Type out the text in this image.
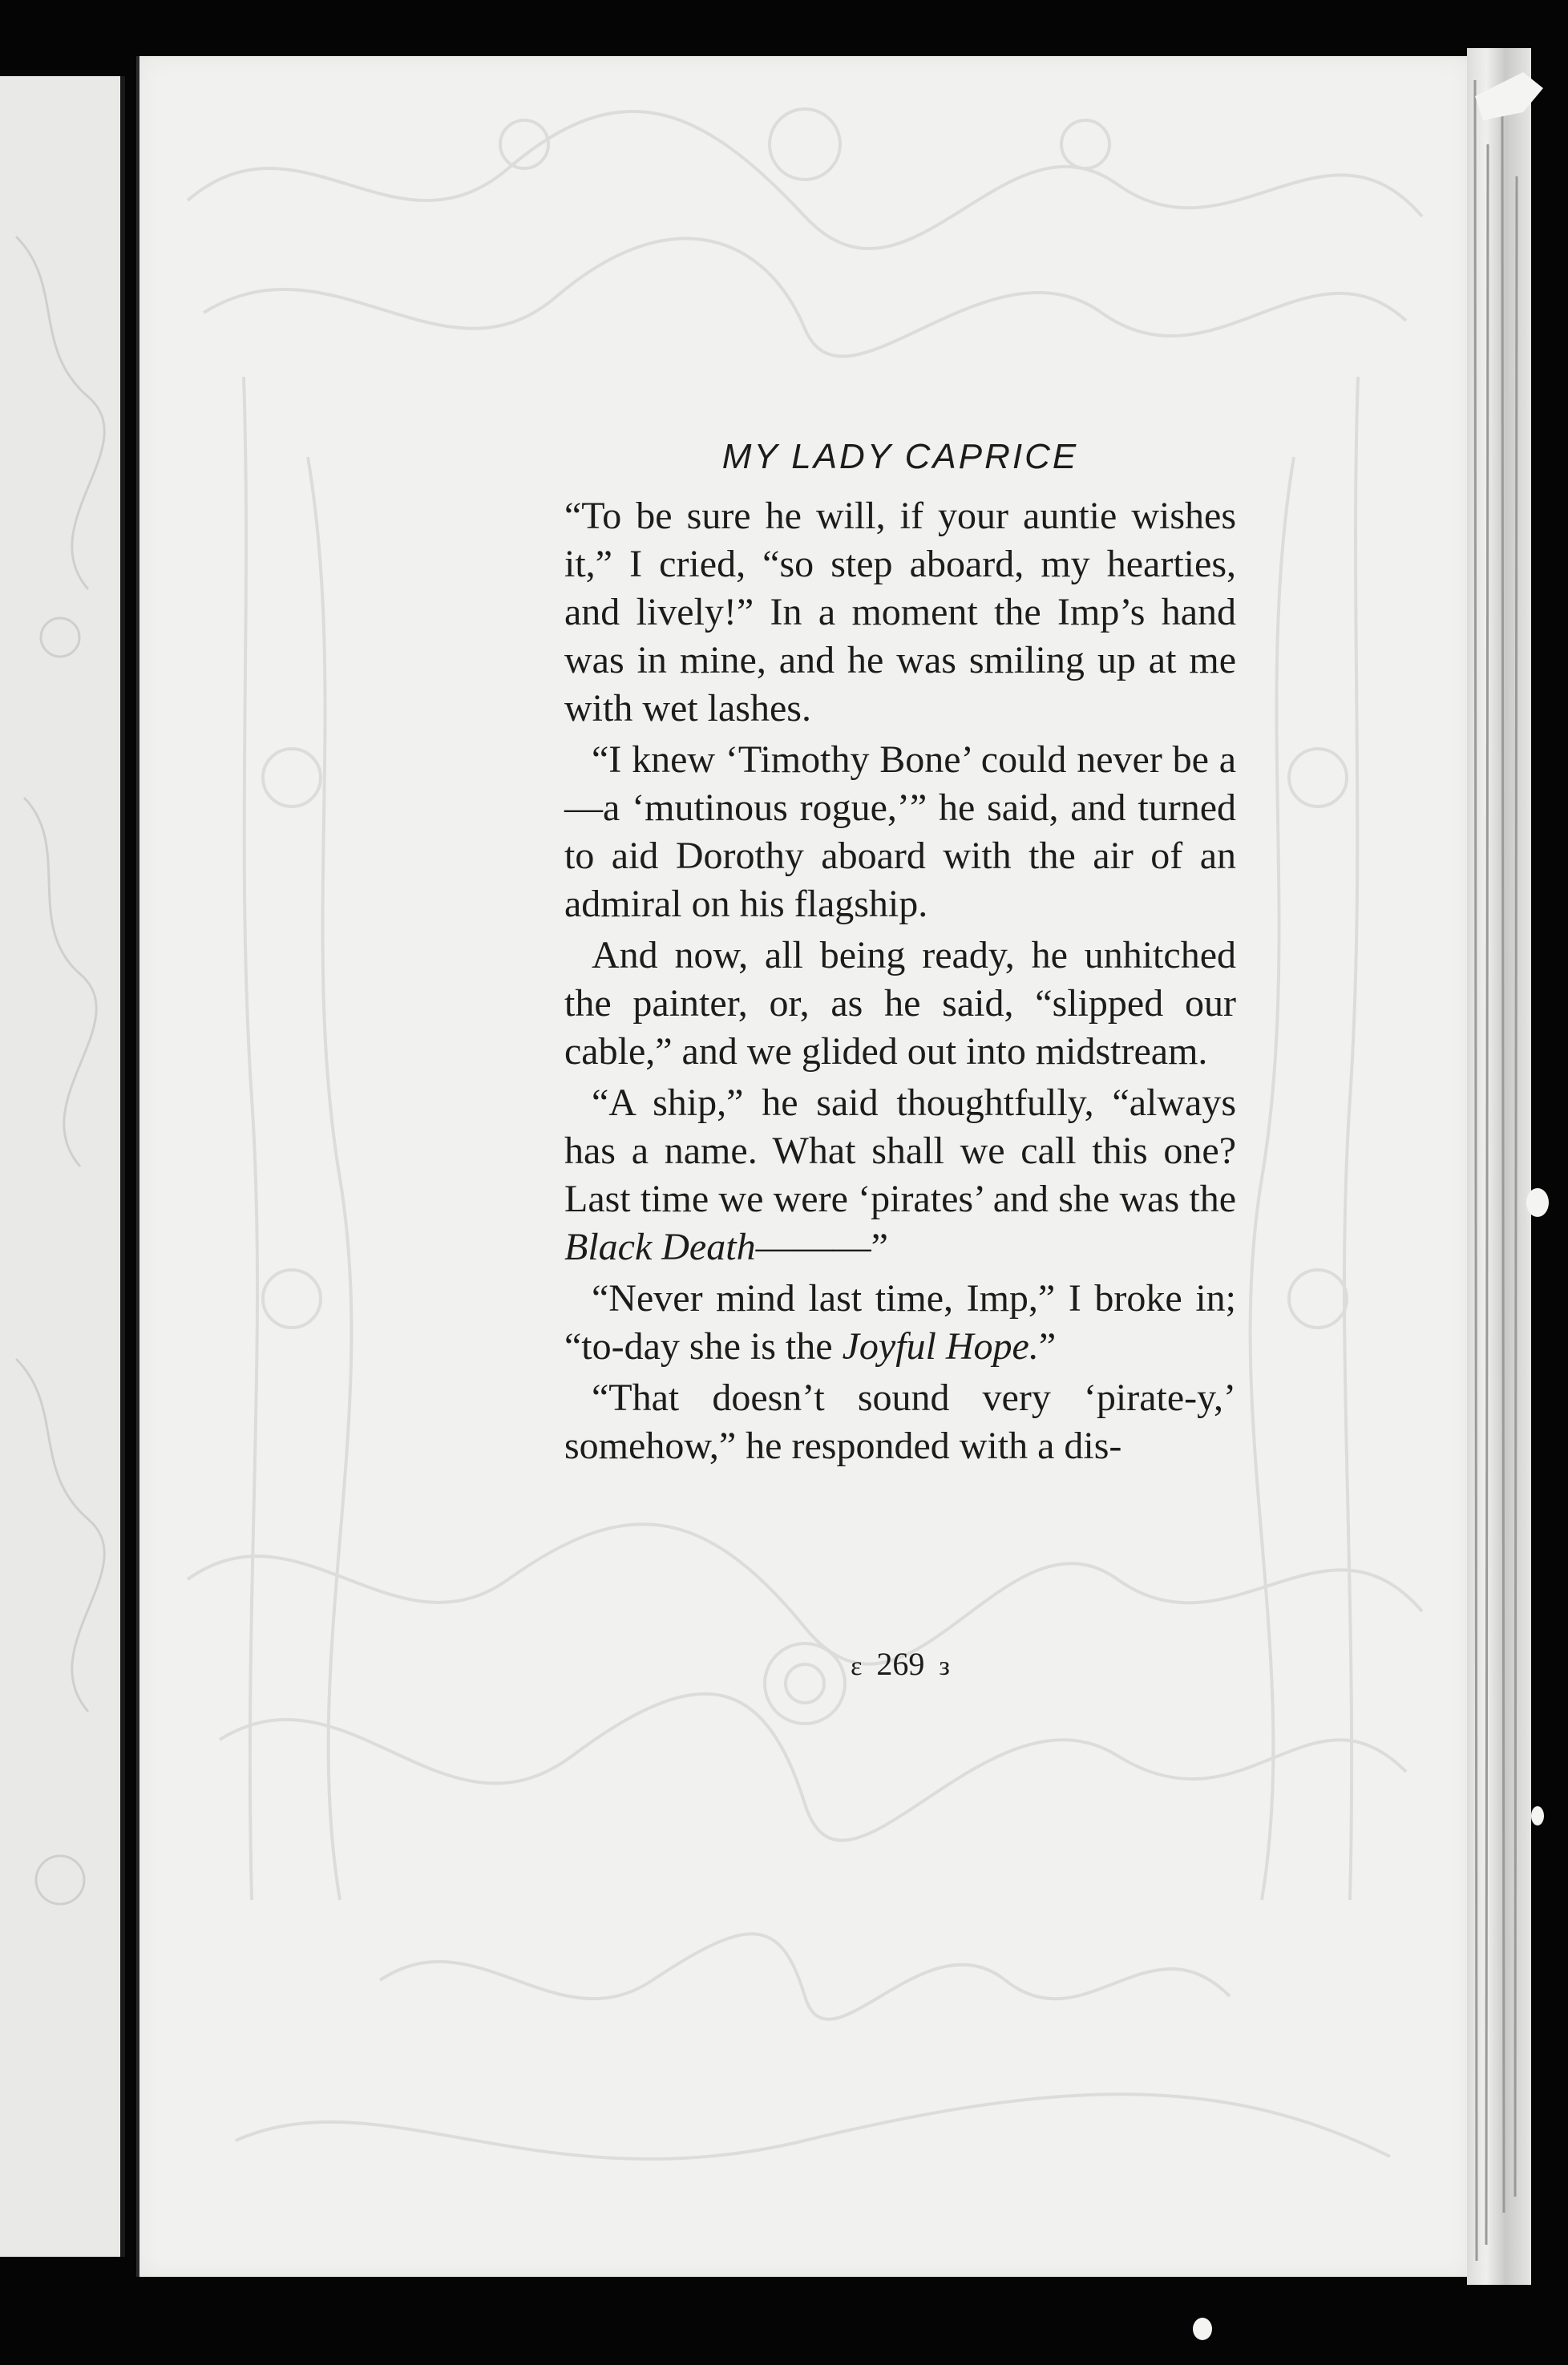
MY LADY CAPRICE

“To be sure he will, if your auntie wishes it,” I cried, “so step aboard, my hearties, and lively!” In a moment the Imp’s hand was in mine, and he was smiling up at me with wet lashes.

“I knew ‘Timothy Bone’ could never be a—a ‘mutinous rogue,’” he said, and turned to aid Dorothy aboard with the air of an admiral on his flagship.

And now, all being ready, he unhitched the painter, or, as he said, “slipped our cable,” and we glided out into midstream.

“A ship,” he said thoughtfully, “always has a name. What shall we call this one? Last time we were ‘pirates’ and she was the Black Death———”

“Never mind last time, Imp,” I broke in; “to-day she is the Joyful Hope.”

“That doesn’t sound very ‘pirate-y,’ somehow,” he responded with a dis-

ε 269 з
